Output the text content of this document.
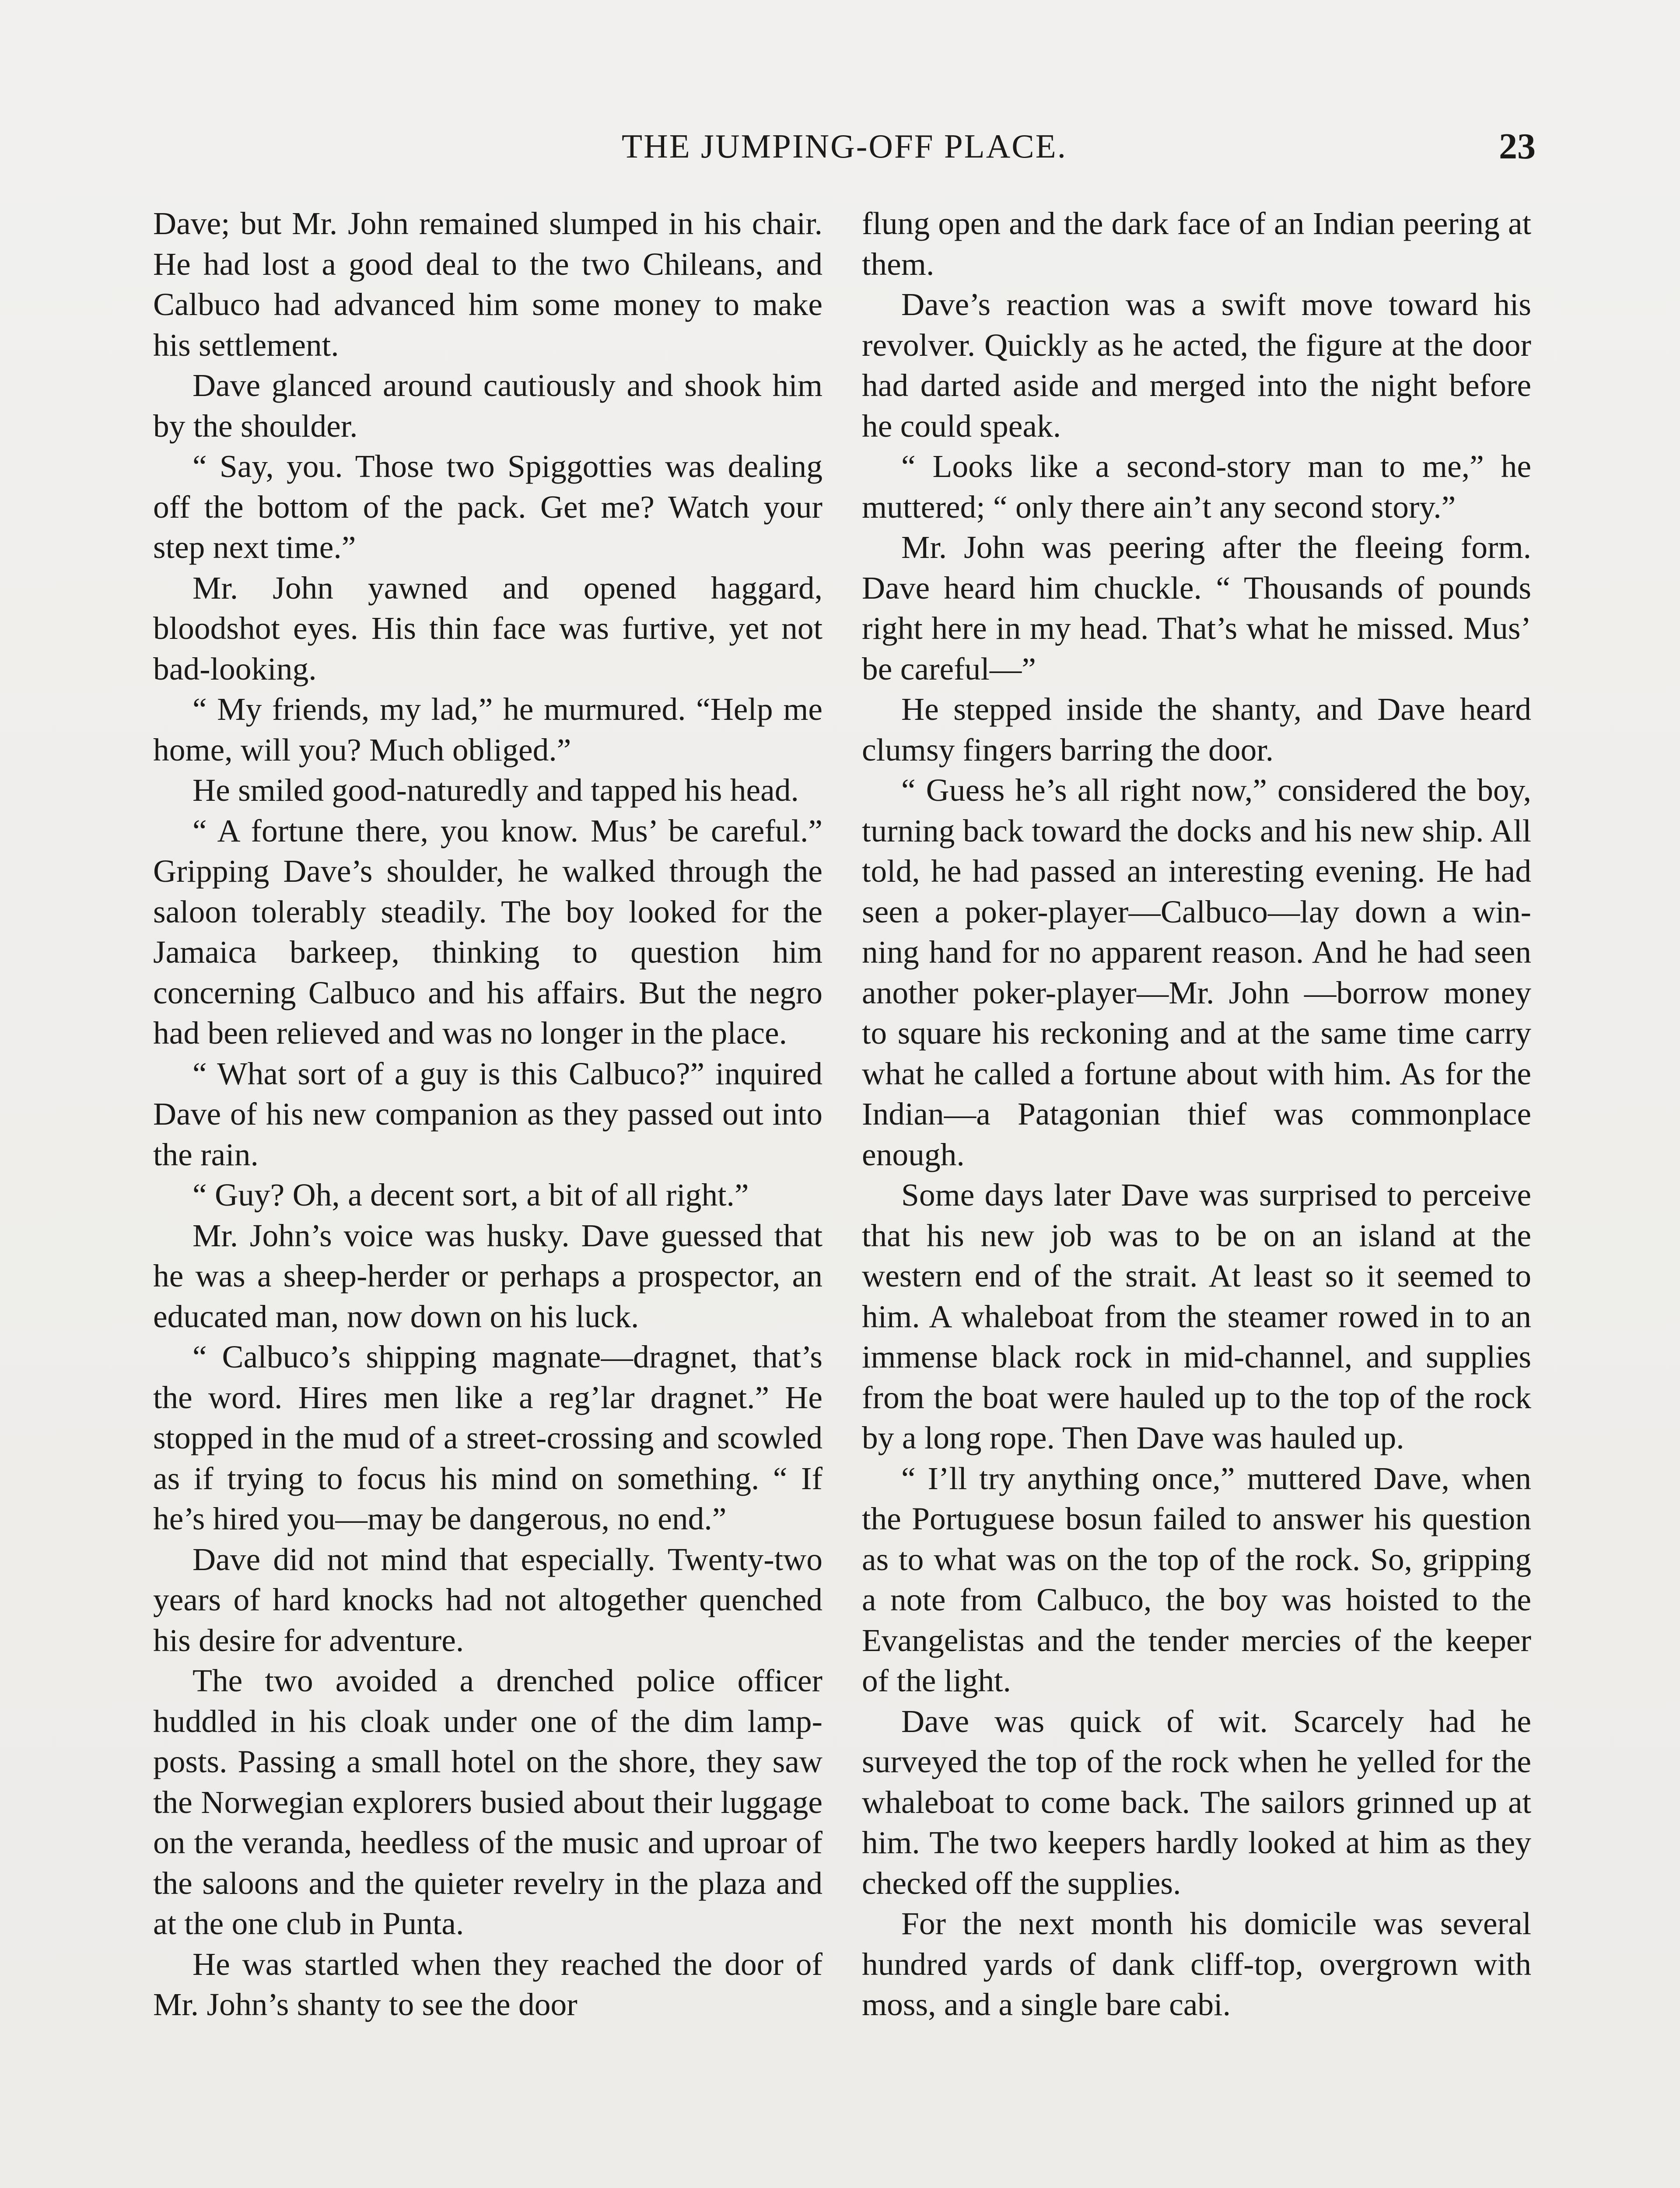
THE JUMPING-OFF PLACE.	23

Dave; but Mr. John remained slumped in his chair. He had lost a good deal to the two Chileans, and Calbuco had advanced him some money to make his settlement.

Dave glanced around cautiously and shook him by the shoulder.

“ Say, you. Those two Spiggotties was dealing off the bottom of the pack. Get me? Watch your step next time.”

Mr. John yawned and opened haggard, bloodshot eyes. His thin face was furtive, yet not bad-looking.

“ My friends, my lad,” he murmured. “Help me home, will you? Much obliged.”

He smiled good-naturedly and tapped his head.

“ A fortune there, you know. Mus’ be careful.” Gripping Dave’s shoulder, he walked through the saloon tolerably steadily. The boy looked for the Jamaica barkeep, thinking to question him concerning Calbuco and his affairs. But the negro had been relieved and was no longer in the place.

“ What sort of a guy is this Calbuco?” inquired Dave of his new companion as they passed out into the rain.

“ Guy? Oh, a decent sort, a bit of all right.”

Mr. John’s voice was husky. Dave guessed that he was a sheep-herder or perhaps a prospector, an educated man, now down on his luck.

“ Calbuco’s shipping magnate—dragnet, that’s the word. Hires men like a reg’lar dragnet.” He stopped in the mud of a street-crossing and scowled as if trying to focus his mind on something. “ If he’s hired you—may be dangerous, no end.”

Dave did not mind that especially. Twenty-two years of hard knocks had not altogether quenched his desire for adventure.

The two avoided a drenched police officer huddled in his cloak under one of the dim lamp-posts. Passing a small hotel on the shore, they saw the Norwegian explorers busied about their luggage on the veranda, heedless of the music and uproar of the saloons and the quieter revelry in the plaza and at the one club in Punta.

He was startled when they reached the door of Mr. John’s shanty to see the door

flung open and the dark face of an Indian peering at them.

Dave’s reaction was a swift move toward his revolver. Quickly as he acted, the figure at the door had darted aside and merged into the night before he could speak.

“ Looks like a second-story man to me,” he muttered; “ only there ain’t any second story.”

Mr. John was peering after the fleeing form. Dave heard him chuckle. “ Thousands of pounds right here in my head. That’s what he missed. Mus’ be careful—”

He stepped inside the shanty, and Dave heard clumsy fingers barring the door.

“ Guess he’s all right now,” considered the boy, turning back toward the docks and his new ship. All told, he had passed an interesting evening. He had seen a poker-player—Calbuco—lay down a winning hand for no apparent reason. And he had seen another poker-player—Mr. John —borrow money to square his reckoning and at the same time carry what he called a fortune about with him. As for the Indian—a Patagonian thief was commonplace enough.

Some days later Dave was surprised to perceive that his new job was to be on an island at the western end of the strait. At least so it seemed to him. A whaleboat from the steamer rowed in to an immense black rock in mid-channel, and supplies from the boat were hauled up to the top of the rock by a long rope. Then Dave was hauled up.

“ I’ll try anything once,” muttered Dave, when the Portuguese bosun failed to answer his question as to what was on the top of the rock. So, gripping a note from Calbuco, the boy was hoisted to the Evangelistas and the tender mercies of the keeper of the light.

Dave was quick of wit. Scarcely had he surveyed the top of the rock when he yelled for the whaleboat to come back. The sailors grinned up at him. The two keepers hardly looked at him as they checked off the supplies.

For the next month his domicile was several hundred yards of dank cliff-top, overgrown with moss, and a single bare cabi.
